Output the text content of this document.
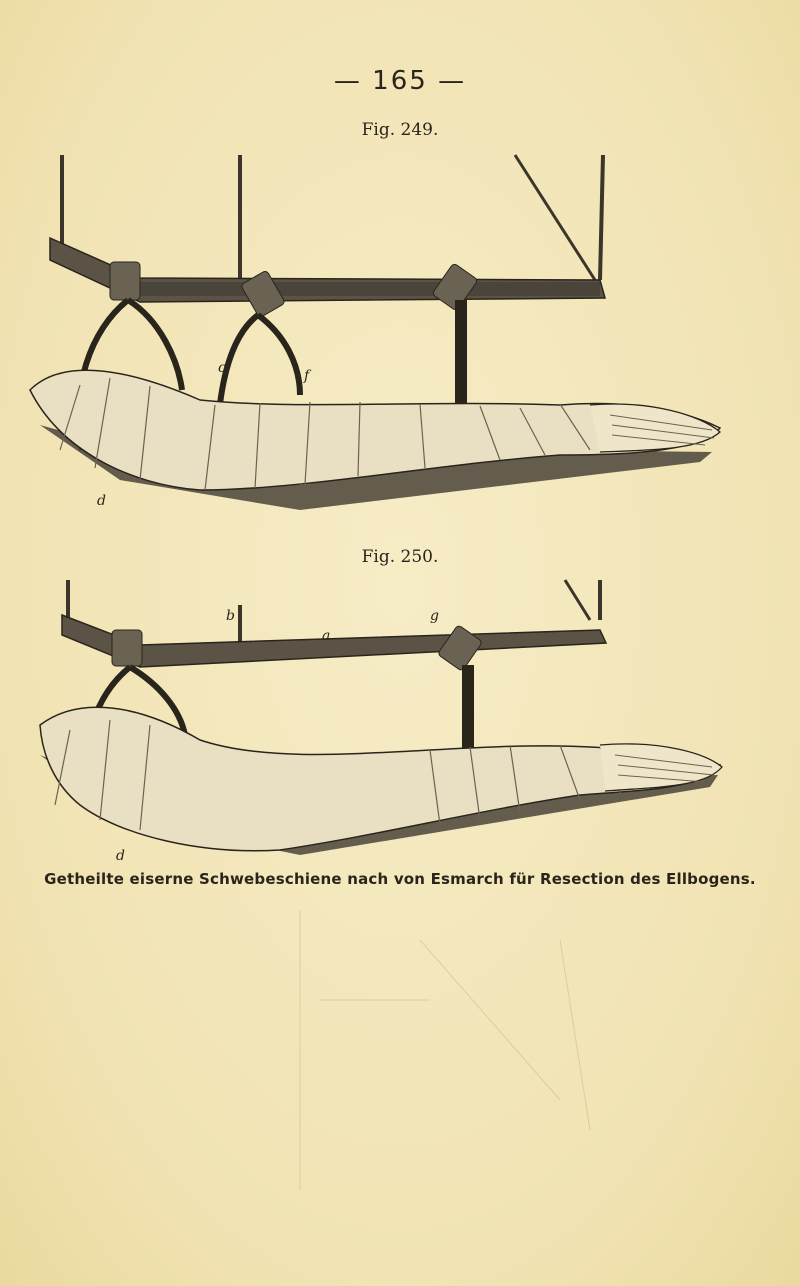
— 165 —
Fig. 249.
c	f
d
Fig. 250.
b
a
g
d
Getheilte eiserne Schwebeschiene nach von Esmarch für Resection des Ellbogens.
